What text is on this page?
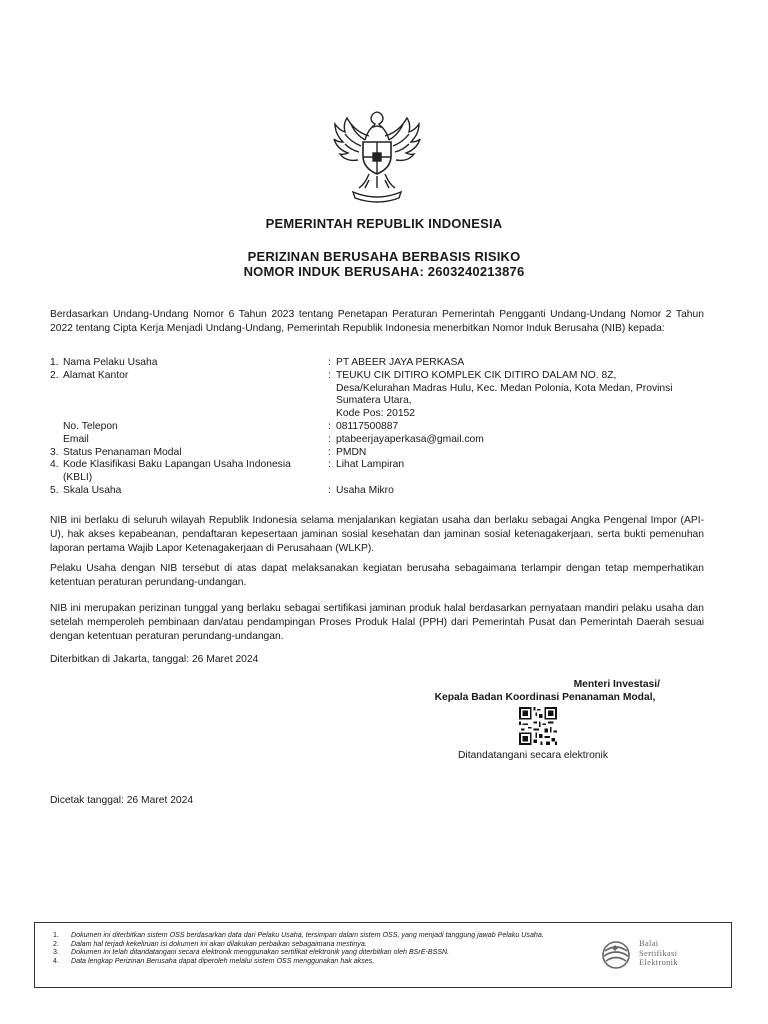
PEMERINTAH REPUBLIK INDONESIA
PERIZINAN BERUSAHA BERBASIS RISIKO
NOMOR INDUK BERUSAHA: 2603240213876
Berdasarkan Undang-Undang Nomor 6 Tahun 2023 tentang Penetapan Peraturan Pemerintah Pengganti Undang-Undang Nomor 2 Tahun 2022 tentang Cipta Kerja Menjadi Undang-Undang, Pemerintah Republik Indonesia menerbitkan Nomor Induk Berusaha (NIB) kepada:
1. Nama Pelaku Usaha	: PT ABEER JAYA PERKASA
2. Alamat Kantor	: TEUKU CIK DITIRO KOMPLEK CIK DITIRO DALAM NO. 8Z,
Desa/Kelurahan Madras Hulu, Kec. Medan Polonia, Kota Medan, Provinsi
Sumatera Utara,
Kode Pos: 20152
No. Telepon	: 08117500887
Email	: ptabeerjayaperkasa@gmail.com
3. Status Penanaman Modal	: PMDN
4. Kode Klasifikasi Baku Lapangan Usaha Indonesia	: Lihat Lampiran
(KBLI)
5. Skala Usaha	: Usaha Mikro
NIB ini berlaku di seluruh wilayah Republik Indonesia selama menjalankan kegiatan usaha dan berlaku sebagai Angka Pengenal Impor (API-U), hak akses kepabeanan, pendaftaran kepesertaan jaminan sosial kesehatan dan jaminan sosial ketenagakerjaan, serta bukti pemenuhan laporan pertama Wajib Lapor Ketenagakerjaan di Perusahaan (WLKP).
Pelaku Usaha dengan NIB tersebut di atas dapat melaksanakan kegiatan berusaha sebagaimana terlampir dengan tetap memperhatikan ketentuan peraturan perundang-undangan.
NIB ini merupakan perizinan tunggal yang berlaku sebagai sertifikasi jaminan produk halal berdasarkan pernyataan mandiri pelaku usaha dan setelah memperoleh pembinaan dan/atau pendampingan Proses Produk Halal (PPH) dari Pemerintah Pusat dan Pemerintah Daerah sesuai dengan ketentuan peraturan perundang-undangan.
Diterbitkan di Jakarta, tanggal: 26 Maret 2024
Menteri Investasi/
Kepala Badan Koordinasi Penanaman Modal,
Ditandatangani secara elektronik
Dicetak tanggal: 26 Maret 2024
1. Dokumen ini diterbitkan sistem OSS berdasarkan data dari Pelaku Usaha, tersimpan dalam sistem OSS, yang menjadi tanggung jawab Pelaku Usaha.
2. Dalam hal terjadi kekeliruan isi dokumen ini akan dilakukan perbaikan sebagaimana mestinya.
3. Dokumen ini telah ditandatangani secara elektronik menggunakan sertifikat elektronik yang diterbitkan oleh BSrE-BSSN.
4. Data lengkap Perizinan Berusaha dapat diperoleh melalui sistem OSS menggunakan hak akses.
Balai
Sertifikasi
Elektronik
